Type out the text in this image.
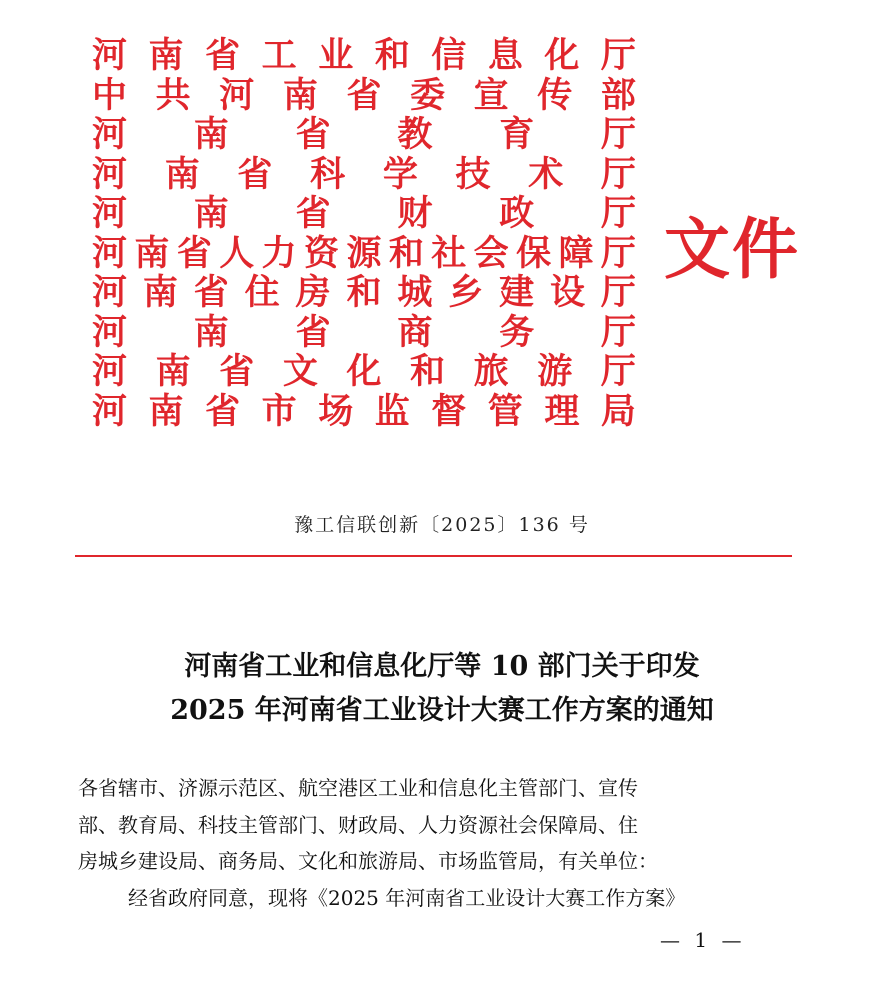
河 南 省 工 业 和 信 息 化 厅
中 共 河 南 省 委 宣 传 部
河 南 省 教 育 厅
河 南 省 科 学 技 术 厅
河 南 省 财 政 厅
河 南 省 人 力 资 源 和 社 会 保 障 厅
河 南 省 住 房 和 城 乡 建 设 厅
河 南 省 商 务 厅
河 南 省 文 化 和 旅 游 厅
河 南 省 市 场 监 督 管 理 局
文件
豫工信联创新〔2025〕136 号
河南省工业和信息化厅等 10 部门关于印发
2025 年河南省工业设计大赛工作方案的通知

各省辖市、济源示范区、航空港区工业和信息化主管部门、宣传

部、教育局、科技主管部门、财政局、人力资源社会保障局、住

房城乡建设局、商务局、文化和旅游局、市场监管局，有关单位：

经省政府同意，现将《2025 年河南省工业设计大赛工作方案》

— 1 —
